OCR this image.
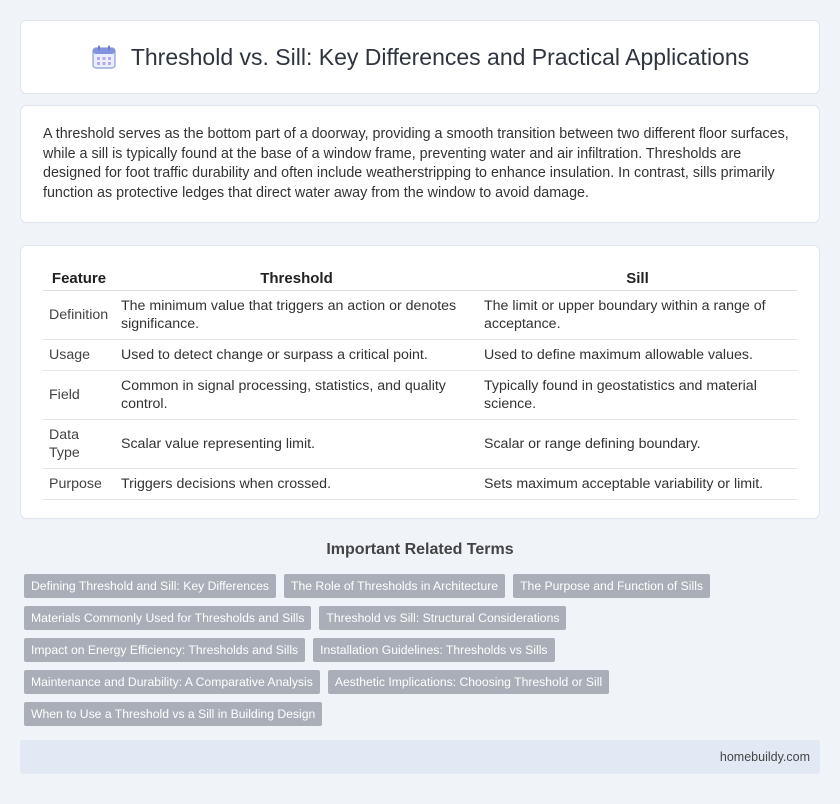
Threshold vs. Sill: Key Differences and Practical Applications

A threshold serves as the bottom part of a doorway, providing a smooth transition between two different floor surfaces, while a sill is typically found at the base of a window frame, preventing water and air infiltration. Thresholds are designed for foot traffic durability and often include weatherstripping to enhance insulation. In contrast, sills primarily function as protective ledges that direct water away from the window to avoid damage.

Feature	Threshold	Sill
Definition	The minimum value that triggers an action or denotes significance.	The limit or upper boundary within a range of acceptance.
Usage	Used to detect change or surpass a critical point.	Used to define maximum allowable values.
Field	Common in signal processing, statistics, and quality control.	Typically found in geostatistics and material science.
Data Type	Scalar value representing limit.	Scalar or range defining boundary.
Purpose	Triggers decisions when crossed.	Sets maximum acceptable variability or limit.
Important Related Terms
Defining Threshold and Sill: Key Differences	The Role of Thresholds in Architecture	The Purpose and Function of Sills
Materials Commonly Used for Thresholds and Sills	Threshold vs Sill: Structural Considerations
Impact on Energy Efficiency: Thresholds and Sills	Installation Guidelines: Thresholds vs Sills
Maintenance and Durability: A Comparative Analysis	Aesthetic Implications: Choosing Threshold or Sill
When to Use a Threshold vs a Sill in Building Design
homebuildy.com
